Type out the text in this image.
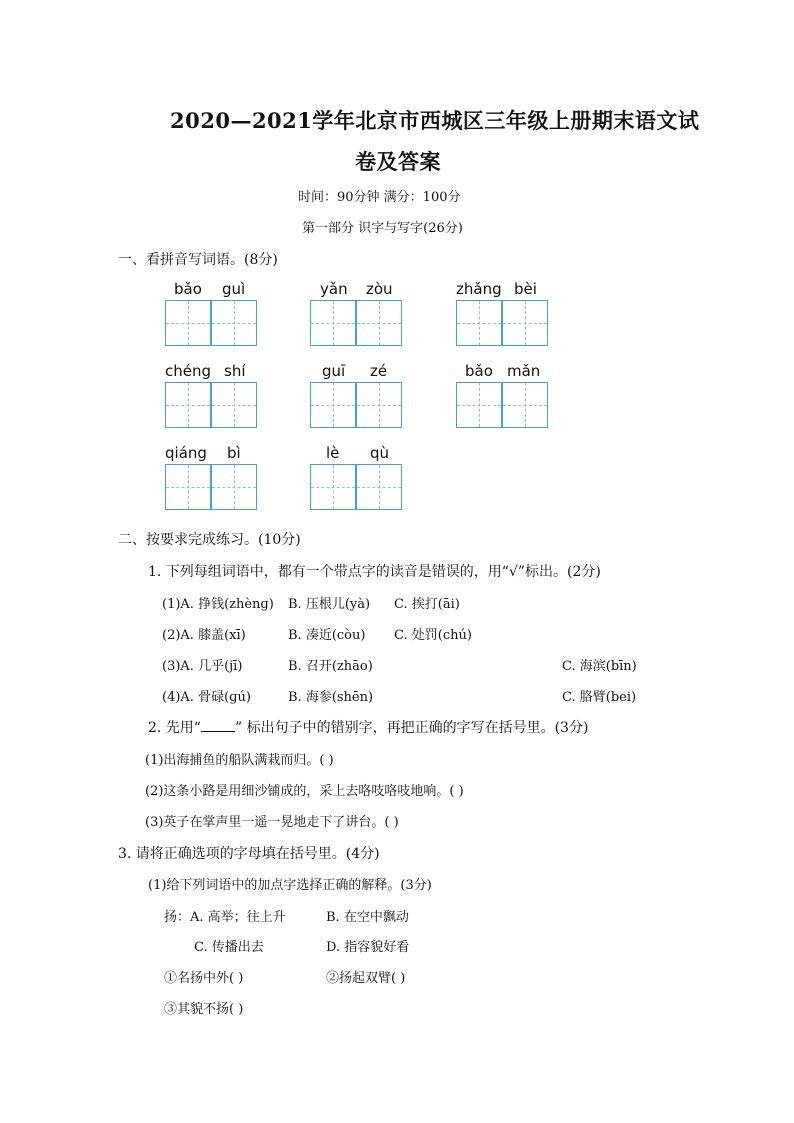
2020—2021学年北京市西城区三年级上册期末语文试
卷及答案
时间：90分钟 满分：100分
第一部分 识字与写字(26分)
一、看拼音写词语。(8分)
bǎo guì	yǎn zòu	zhǎng bèi
chéng shí	guī zé	bǎo mǎn
qiáng bì	lè qù
二、按要求完成练习。(10分)
1. 下列每组词语中，都有一个带点字的读音是错误的，用“√”标出。(2分)
(1)A. 挣钱(zhènɡ) B. 压根儿(yà) C. 挨打(āi)
(2)A. 膝盖(xī)	B. 凑近(còu) C. 处罚(chú)
(3)A. 几乎(jī)	B. 召开(zhāo)	C. 海滨(bīn)
(4)A. 骨碌(ɡú)	B. 海参(shēn)	C. 胳臂(bei)
2. 先用“ ” 标出句子中的错别字，再把正确的字写在括号里。(3分)
(1)出海捕鱼的船队满栽而归。( )
(2)这条小路是用细沙铺成的，采上去咯吱咯吱地响。( )
(3)英子在掌声里一遥一晃地走下了讲台。( )
3. 请将正确选项的字母填在括号里。(4分)
(1)给下列词语中的加点字选择正确的解释。(3分)
扬：A. 高举；往上升	B. 在空中飘动
C. 传播出去	D. 指容貌好看
①名扬中外( )	②扬起双臂( )
③其貌不扬( )
